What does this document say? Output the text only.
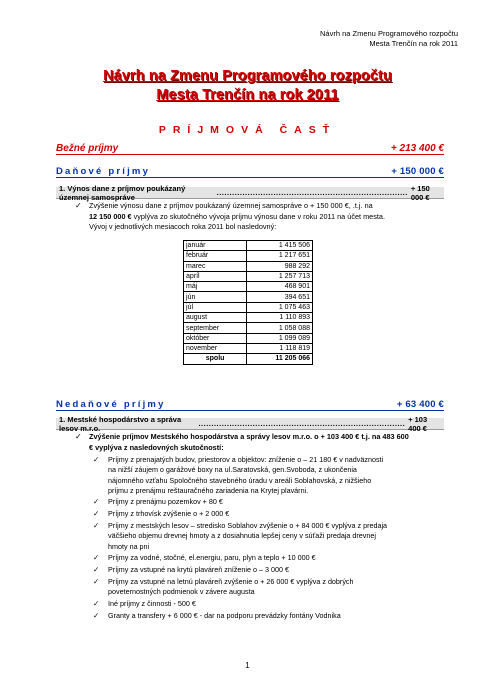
Návrh na Zmenu Programového rozpočtu
Mesta Trenčín na rok 2011
Návrh na Zmenu Programového rozpočtu
Mesta Trenčín na rok 2011
PRÍJMOVÁ ČASŤ
Bežné príjmy	+ 213 400 €
Daňové príjmy	+ 150 000 €
1. Výnos dane z príjmov poukázaný územnej samospráve	.......................................................................... + 150 000 €
✓ Zvýšenie výnosu dane z príjmov poukázaný územnej samospráve o + 150 000 €, .t.j. na
12 150 000 € vyplýva zo skutočného vývoja príjmu výnosu dane v roku 2011 na účet mesta.
Vývoj v jednotlivých mesiacoch roka 2011 bol nasledovný:
január	1 415 506
február	1 217 651
marec	988 292
apríl	1 257 713
máj	468 901
jún	394 651
júl	1 075 463
august	1 110 893
september	1 058 088
október	1 099 089
november	1 118 819
spolu	11 205 066
Nedaňové príjmy	+ 63 400 €
1. Mestské hospodárstvo a správa lesov m.r.o.	................................................................................ + 103 400 €
✓ Zvýšenie príjmov Mestského hospodárstva a správy lesov m.r.o. o + 103 400 € t.j. na 483 600
€ vyplýva z nasledovných skutočností:
✓ Príjmy z prenajatých budov, priestorov a objektov: zníženie o – 21 180 € v nadväznosti
na nižší záujem o garážové boxy na ul.Saratovská, gen.Svoboda, z ukončenia
nájomného vzťahu Spoločného stavebného úradu v areáli Soblahovská, z nižšieho
príjmu z prenájmu reštauračného zariadenia na Krytej plavárni.
✓ Príjmy z prenájmu pozemkov + 80 €
✓ Príjmy z trhovísk zvýšenie o + 2 000 €
✓ Príjmy z mestských lesov – stredisko Soblahov zvýšenie o + 84 000 € vyplýva z predaja
väčšieho objemu drevnej hmoty a z dosiahnutia lepšej ceny v súťaži predaja drevnej
hmoty na pni
✓ Príjmy za vodné, stočné, el.energiu, paru, plyn a teplo + 10 000 €
✓ Príjmy za vstupné na krytú plaváreň zníženie o – 3 000 €
✓ Príjmy za vstupné na letnú plaváreň zvýšenie o + 26 000 € vyplýva z dobrých
poveternostných podmienok v závere augusta
✓ Iné príjmy z činnosti - 500 €
✓ Granty a transfery + 6 000 € - dar na podporu prevádzky fontány Vodnika
1
